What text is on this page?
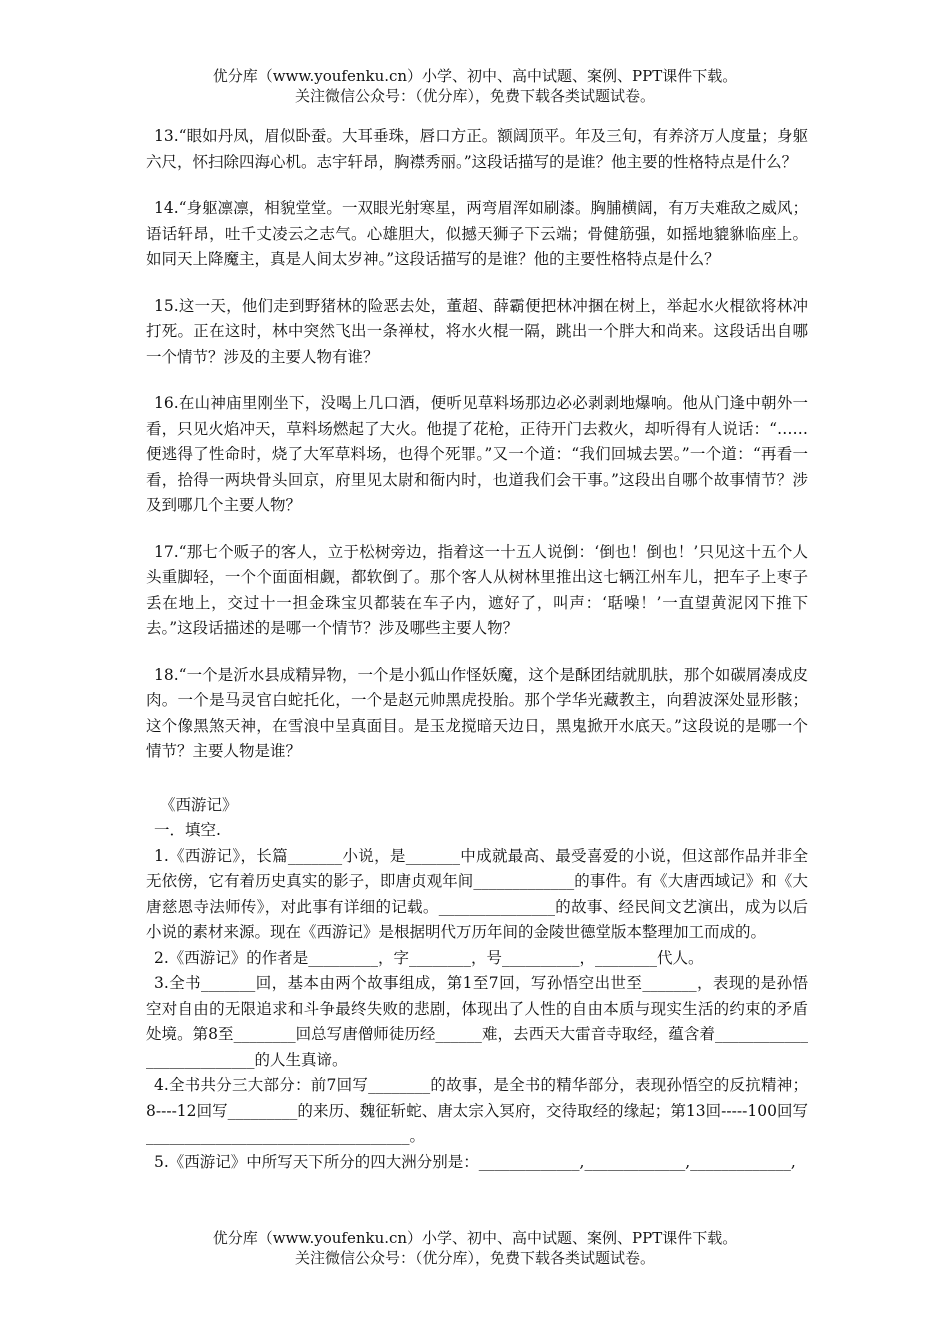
优分库（www.youfenku.cn）小学、初中、高中试题、案例、PPT课件下载。
关注微信公众号：（优分库），免费下载各类试题试卷。

13.“眼如丹凤，眉似卧蚕。大耳垂珠，唇口方正。额阔顶平。年及三旬，有养济万人度量；身躯六尺，怀扫除四海心机。志宇轩昂，胸襟秀丽。”这段话描写的是谁？他主要的性格特点是什么？

14.“身躯凛凛，相貌堂堂。一双眼光射寒星，两弯眉浑如刷漆。胸脯横阔，有万夫难敌之威风；语话轩昂，吐千丈凌云之志气。心雄胆大，似撼天狮子下云端；骨健筋强，如摇地貔貅临座上。如同天上降魔主，真是人间太岁神。”这段话描写的是谁？他的主要性格特点是什么？

15.这一天，他们走到野猪林的险恶去处，董超、薛霸便把林冲捆在树上，举起水火棍欲将林冲打死。正在这时，林中突然飞出一条禅杖，将水火棍一隔，跳出一个胖大和尚来。这段话出自哪一个情节？涉及的主要人物有谁？

16.在山神庙里刚坐下，没喝上几口酒，便听见草料场那边必必剥剥地爆响。他从门逢中朝外一看，只见火焰冲天，草料场燃起了大火。他提了花枪，正待开门去救火，却听得有人说话：“……便逃得了性命时，烧了大军草料场，也得个死罪。”又一个道：“我们回城去罢。”一个道：“再看一看，拾得一两块骨头回京，府里见太尉和衙内时，也道我们会干事。”这段出自哪个故事情节？涉及到哪几个主要人物？

17.“那七个贩子的客人，立于松树旁边，指着这一十五人说倒：‘倒也！倒也！’只见这十五个人头重脚轻，一个个面面相觑，都软倒了。那个客人从树林里推出这七辆江州车儿，把车子上枣子丢在地上，交过十一担金珠宝贝都装在车子内，遮好了，叫声：‘聒噪！’一直望黄泥冈下推下去。”这段话描述的是哪一个情节？涉及哪些主要人物？

18.“一个是沂水县成精异物，一个是小狐山作怪妖魔，这个是酥团结就肌肤，那个如碳屑凑成皮肉。一个是马灵官白蛇托化，一个是赵元帅黑虎投胎。那个学华光藏教主，向碧波深处显形骸；这个像黑煞天神，在雪浪中呈真面目。是玉龙搅暗天边日，黑鬼掀开水底天。”这段说的是哪一个情节？主要人物是谁？

《西游记》

一．填空.

1.《西游记》，长篇_______小说，是_______中成就最高、最受喜爱的小说，但这部作品并非全无依傍，它有着历史真实的影子，即唐贞观年间_____________的事件。有《大唐西域记》和《大唐慈恩寺法师传》，对此事有详细的记载。_______________的故事、经民间文艺演出，成为以后小说的素材来源。现在《西游记》是根据明代万历年间的金陵世德堂版本整理加工而成的。

2.《西游记》的作者是_________，字________，号__________，________代人。

3.全书_______回，基本由两个故事组成，第1至7回，写孙悟空出世至_______，表现的是孙悟空对自由的无限追求和斗争最终失败的悲剧，体现出了人性的自由本质与现实生活的约束的矛盾处境。第8至________回总写唐僧师徒历经______难，去西天大雷音寺取经，蕴含着__________________________的人生真谛。

4.全书共分三大部分：前7回写________的故事，是全书的精华部分，表现孙悟空的反抗精神；8----12回写_________的来历、魏征斩蛇、唐太宗入冥府，交待取经的缘起；第13回-----100回写__________________________________。

5.《西游记》中所写天下所分的四大洲分别是：_____________,_____________,_____________,

优分库（www.youfenku.cn）小学、初中、高中试题、案例、PPT课件下载。
关注微信公众号：（优分库），免费下载各类试题试卷。
